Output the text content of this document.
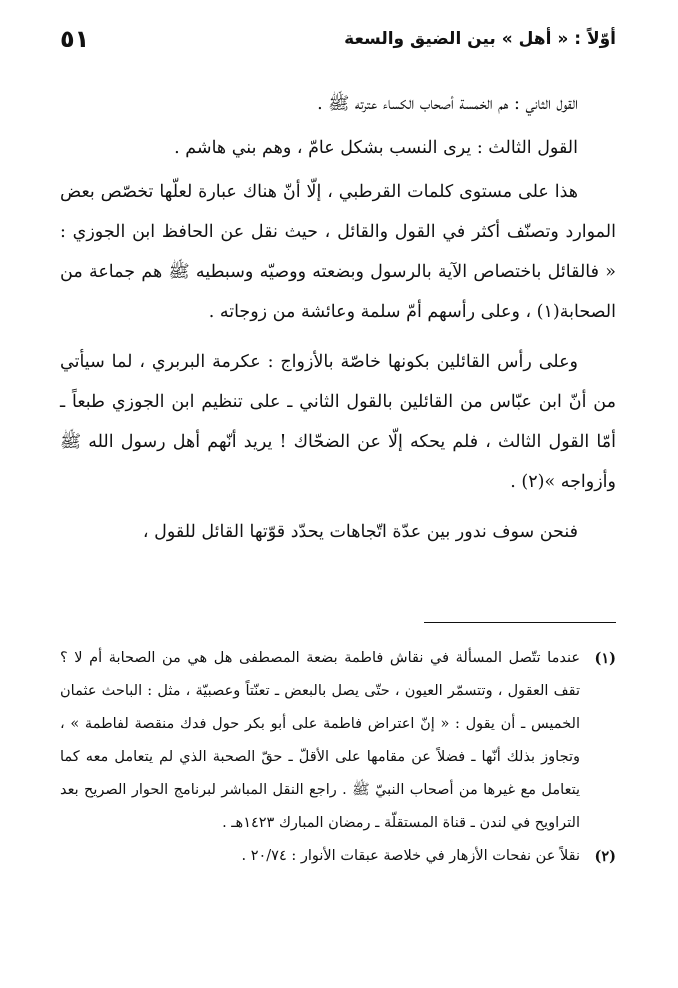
أوّلاً : « أهل » بين الضيق والسعة
٥١

القول الثاني : هم الخمسة أصحاب الكساء عترته ﷺ .

القول الثالث : يرى النسب بشكل عامّ ، وهم بني هاشم .

هذا على مستوى كلمات القرطبي ، إلّا أنّ هناك عبارة لعلّها تخصّص بعض الموارد وتصنّف أكثر في القول والقائل ، حيث نقل عن الحافظ ابن الجوزي : « فالقائل باختصاص الآية بالرسول وبضعته ووصيّه وسبطيه ﷺ هم جماعة من الصحابة(١) ، وعلى رأسهم أمّ سلمة وعائشة من زوجاته .

وعلى رأس القائلين بكونها خاصّة بالأزواج : عكرمة البربري ، لما سيأتي من أنّ ابن عبّاس من القائلين بالقول الثاني ـ على تنظيم ابن الجوزي طبعاً ـ أمّا القول الثالث ، فلم يحكه إلّا عن الضحّاك ! يريد أنّهم أهل رسول الله ﷺ وأزواجه »(٢) .

فنحن سوف ندور بين عدّة اتّجاهات يحدّد قوّتها القائل للقول ،

(١)
عندما تتّصل المسألة في نقاش فاطمة بضعة المصطفى هل هي من الصحابة أم لا ؟ تقف العقول ، وتتسمّر العيون ، حتّى يصل بالبعض ـ تعنّتاً وعصبيّة ، مثل : الباحث عثمان الخميس ـ أن يقول : « إنّ اعتراض فاطمة على أبو بكر حول فدك منقصة لفاطمة » ، وتجاوز بذلك أنّها ـ فضلاً عن مقامها على الأقلّ ـ حقّ الصحبة الذي لم يتعامل معه كما يتعامل مع غيرها من أصحاب النبيّ ﷺ . راجع النقل المباشر لبرنامج الحوار الصريح بعد التراويح في لندن ـ قناة المستقلّة ـ رمضان المبارك ١٤٢٣هـ .
(٢)
نقلاً عن نفحات الأزهار في خلاصة عبقات الأنوار : ٢٠/٧٤ .
